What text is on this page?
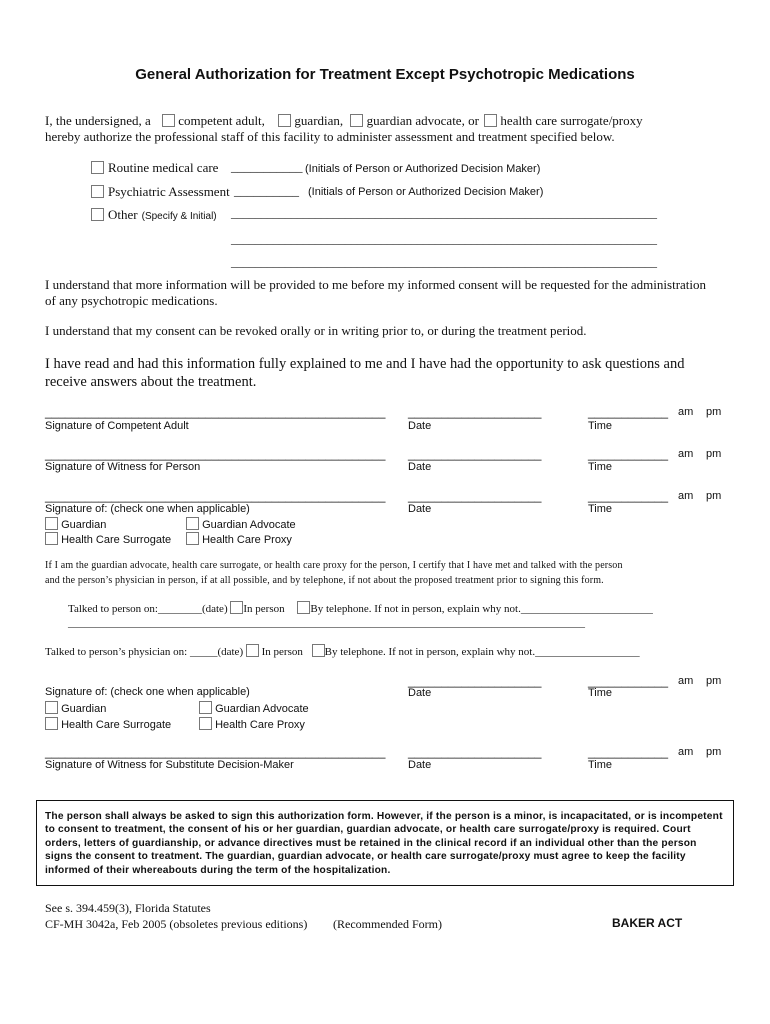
General Authorization for Treatment Except Psychotropic Medications
I, the undersigned, a competent adult, guardian, guardian advocate, or health care surrogate/proxy
hereby authorize the professional staff of this facility to administer assessment and treatment specified below.
Routine medical care ___________ (Initials of Person or Authorized Decision Maker)
Psychiatric Assessment __________ (Initials of Person or Authorized Decision Maker)
Other (Specify & Initial) _______________________________________________________________________
_______________________________________________________________________
_______________________________________________________________________
I understand that more information will be provided to me before my informed consent will be requested for the administration
of any psychotropic medications.
I understand that my consent can be revoked orally or in writing prior to, or during the treatment period.
I have read and had this information fully explained to me and I have had the opportunity to ask questions and
receive answers about the treatment.
___________________________________________________ ____________________	____________ am pm
Signature of Competent Adult	Date	Time
___________________________________________________ ____________________	____________ am pm
Signature of Witness for Person	Date	Time
___________________________________________________ ____________________	____________ am pm
Signature of: (check one when applicable)	Date	Time
Guardian	Guardian Advocate
Health Care Surrogate	Health Care Proxy
If I am the guardian advocate, health care surrogate, or health care proxy for the person, I certify that I have met and talked with the person
and the person’s physician in person, if at all possible, and by telephone, if not about the proposed treatment prior to signing this form.
Talked to person on:________(date) In person By telephone. If not in person, explain why not.________________________
______________________________________________________________________________________________
Talked to person’s physician on: _____(date) In person By telephone. If not in person, explain why not.___________________
____________________	____________ am pm
Signature of: (check one when applicable)	Date	Time
Guardian	Guardian Advocate
Health Care Surrogate	Health Care Proxy
___________________________________________________ ____________________	____________ am pm
Signature of Witness for Substitute Decision-Maker	Date	Time
The person shall always be asked to sign this authorization form. However, if the person is a minor, is incapacitated, or is incompetent to consent to treatment, the consent of his or her guardian, guardian advocate, or health care surrogate/proxy is required. Court orders, letters of guardianship, or advance directives must be retained in the clinical record if an individual other than the person signs the consent to treatment. The guardian, guardian advocate, or health care surrogate/proxy must agree to keep the facility informed of their whereabouts during the term of the hospitalization.
See s. 394.459(3), Florida Statutes
CF-MH 3042a, Feb 2005 (obsoletes previous editions) (Recommended Form)	BAKER ACT
